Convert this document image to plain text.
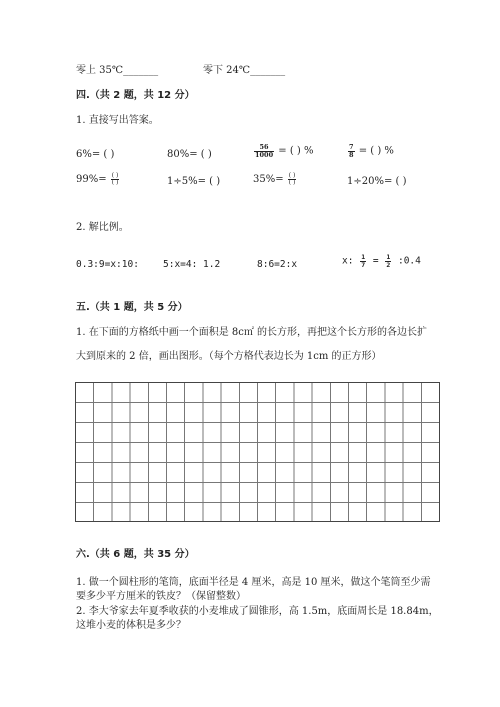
零上 35℃_______	零下 24℃_______
四.（共 2 题，共 12 分）
1. 直接写出答案。
6%= ( )	80%= ( )	$\frac{56}{1000}$ = ( ) %	$\frac{7}{8}$ = ( ) %
$99\%= \frac{( )}{( )}$	1÷5%= ( )	$35\%= \frac{( )}{( )}$	1÷20%= ( )
2. 解比例。
0.3:9=x:10:	5:x=4: 1.2	8:6=2:x	x: $\frac{1}{7} = \frac{1}{2}$ :0.4
五.（共 1 题，共 5 分）
1. 在下面的方格纸中画一个面积是 8c㎡ 的长方形，再把这个长方形的各边长扩
大到原来的 2 倍，画出图形。（每个方格代表边长为 1cm 的正方形）
六.（共 6 题，共 35 分）
1. 做一个圆柱形的笔筒，底面半径是 4 厘米，高是 10 厘米，做这个笔筒至少需
要多少平方厘米的铁皮？（保留整数）
2. 李大爷家去年夏季收获的小麦堆成了圆锥形，高 1.5m，底面周长是 18.84m，
这堆小麦的体积是多少？
